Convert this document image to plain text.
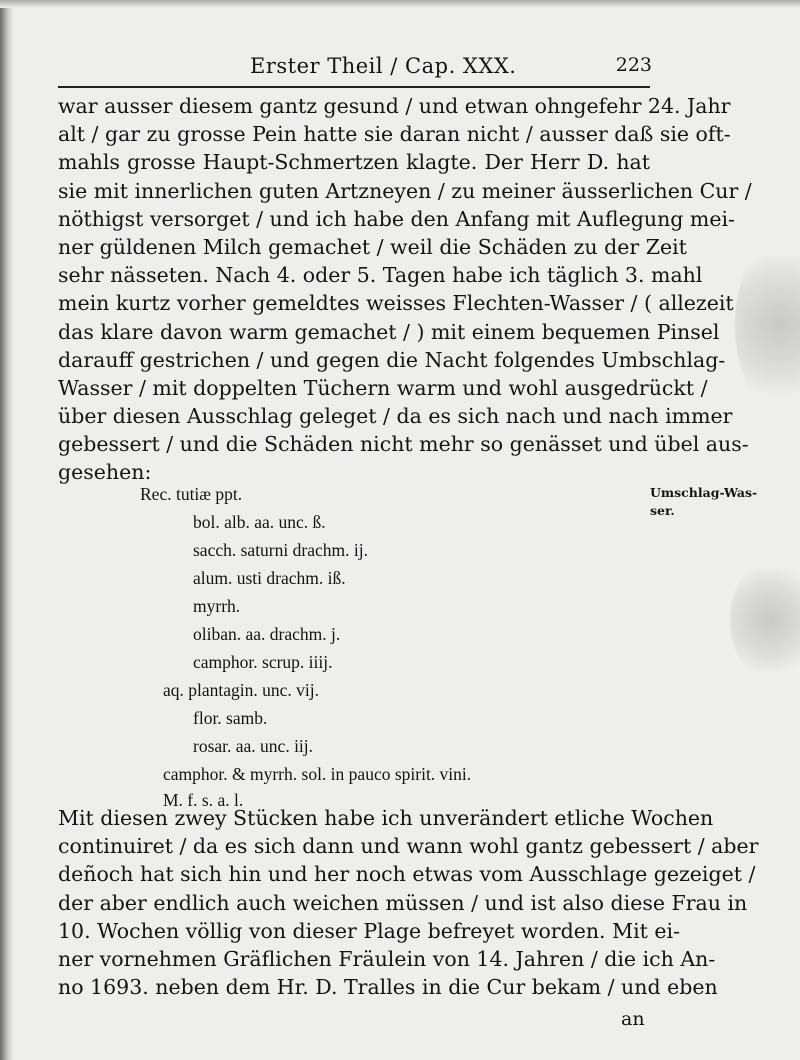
Erster Theil / Cap. XXX.	223
war ausser diesem gantz gesund / und etwan ohngefehr 24. Jahr
alt / gar zu grosse Pein hatte sie daran nicht / ausser daß sie oft-
mahls grosse Haupt-Schmertzen klagte. Der Herr D. hat
sie mit innerlichen guten Artzneyen / zu meiner äusserlichen Cur /
nöthigst versorget / und ich habe den Anfang mit Auflegung mei-
ner güldenen Milch gemachet / weil die Schäden zu der Zeit
sehr nässeten. Nach 4. oder 5. Tagen habe ich täglich 3. mahl
mein kurtz vorher gemeldtes weisses Flechten-Wasser / ( allezeit
das klare davon warm gemachet / ) mit einem bequemen Pinsel
darauff gestrichen / und gegen die Nacht folgendes Umbschlag-
Wasser / mit doppelten Tüchern warm und wohl ausgedrückt /
über diesen Ausschlag geleget / da es sich nach und nach immer
gebessert / und die Schäden nicht mehr so genässet und übel aus-
gesehen:
Rec. tutiæ ppt.
bol. alb. aa. unc. ß.
sacch. saturni drachm. ij.
alum. usti drachm. iß.
myrrh.
oliban. aa. drachm. j.
camphor. scrup. iiij.
aq. plantagin. unc. vij.
flor. samb.
rosar. aa. unc. iij.
camphor. & myrrh. sol. in pauco spirit. vini.
M. f. s. a. l.
Umschlag-Was-
ser.
Mit diesen zwey Stücken habe ich unverändert etliche Wochen
continuiret / da es sich dann und wann wohl gantz gebessert / aber
deñoch hat sich hin und her noch etwas vom Ausschlage gezeiget /
der aber endlich auch weichen müssen / und ist also diese Frau in
10. Wochen völlig von dieser Plage befreyet worden. Mit ei-
ner vornehmen Gräflichen Fräulein von 14. Jahren / die ich An-
no 1693. neben dem Hr. D. Tralles in die Cur bekam / und eben
an
